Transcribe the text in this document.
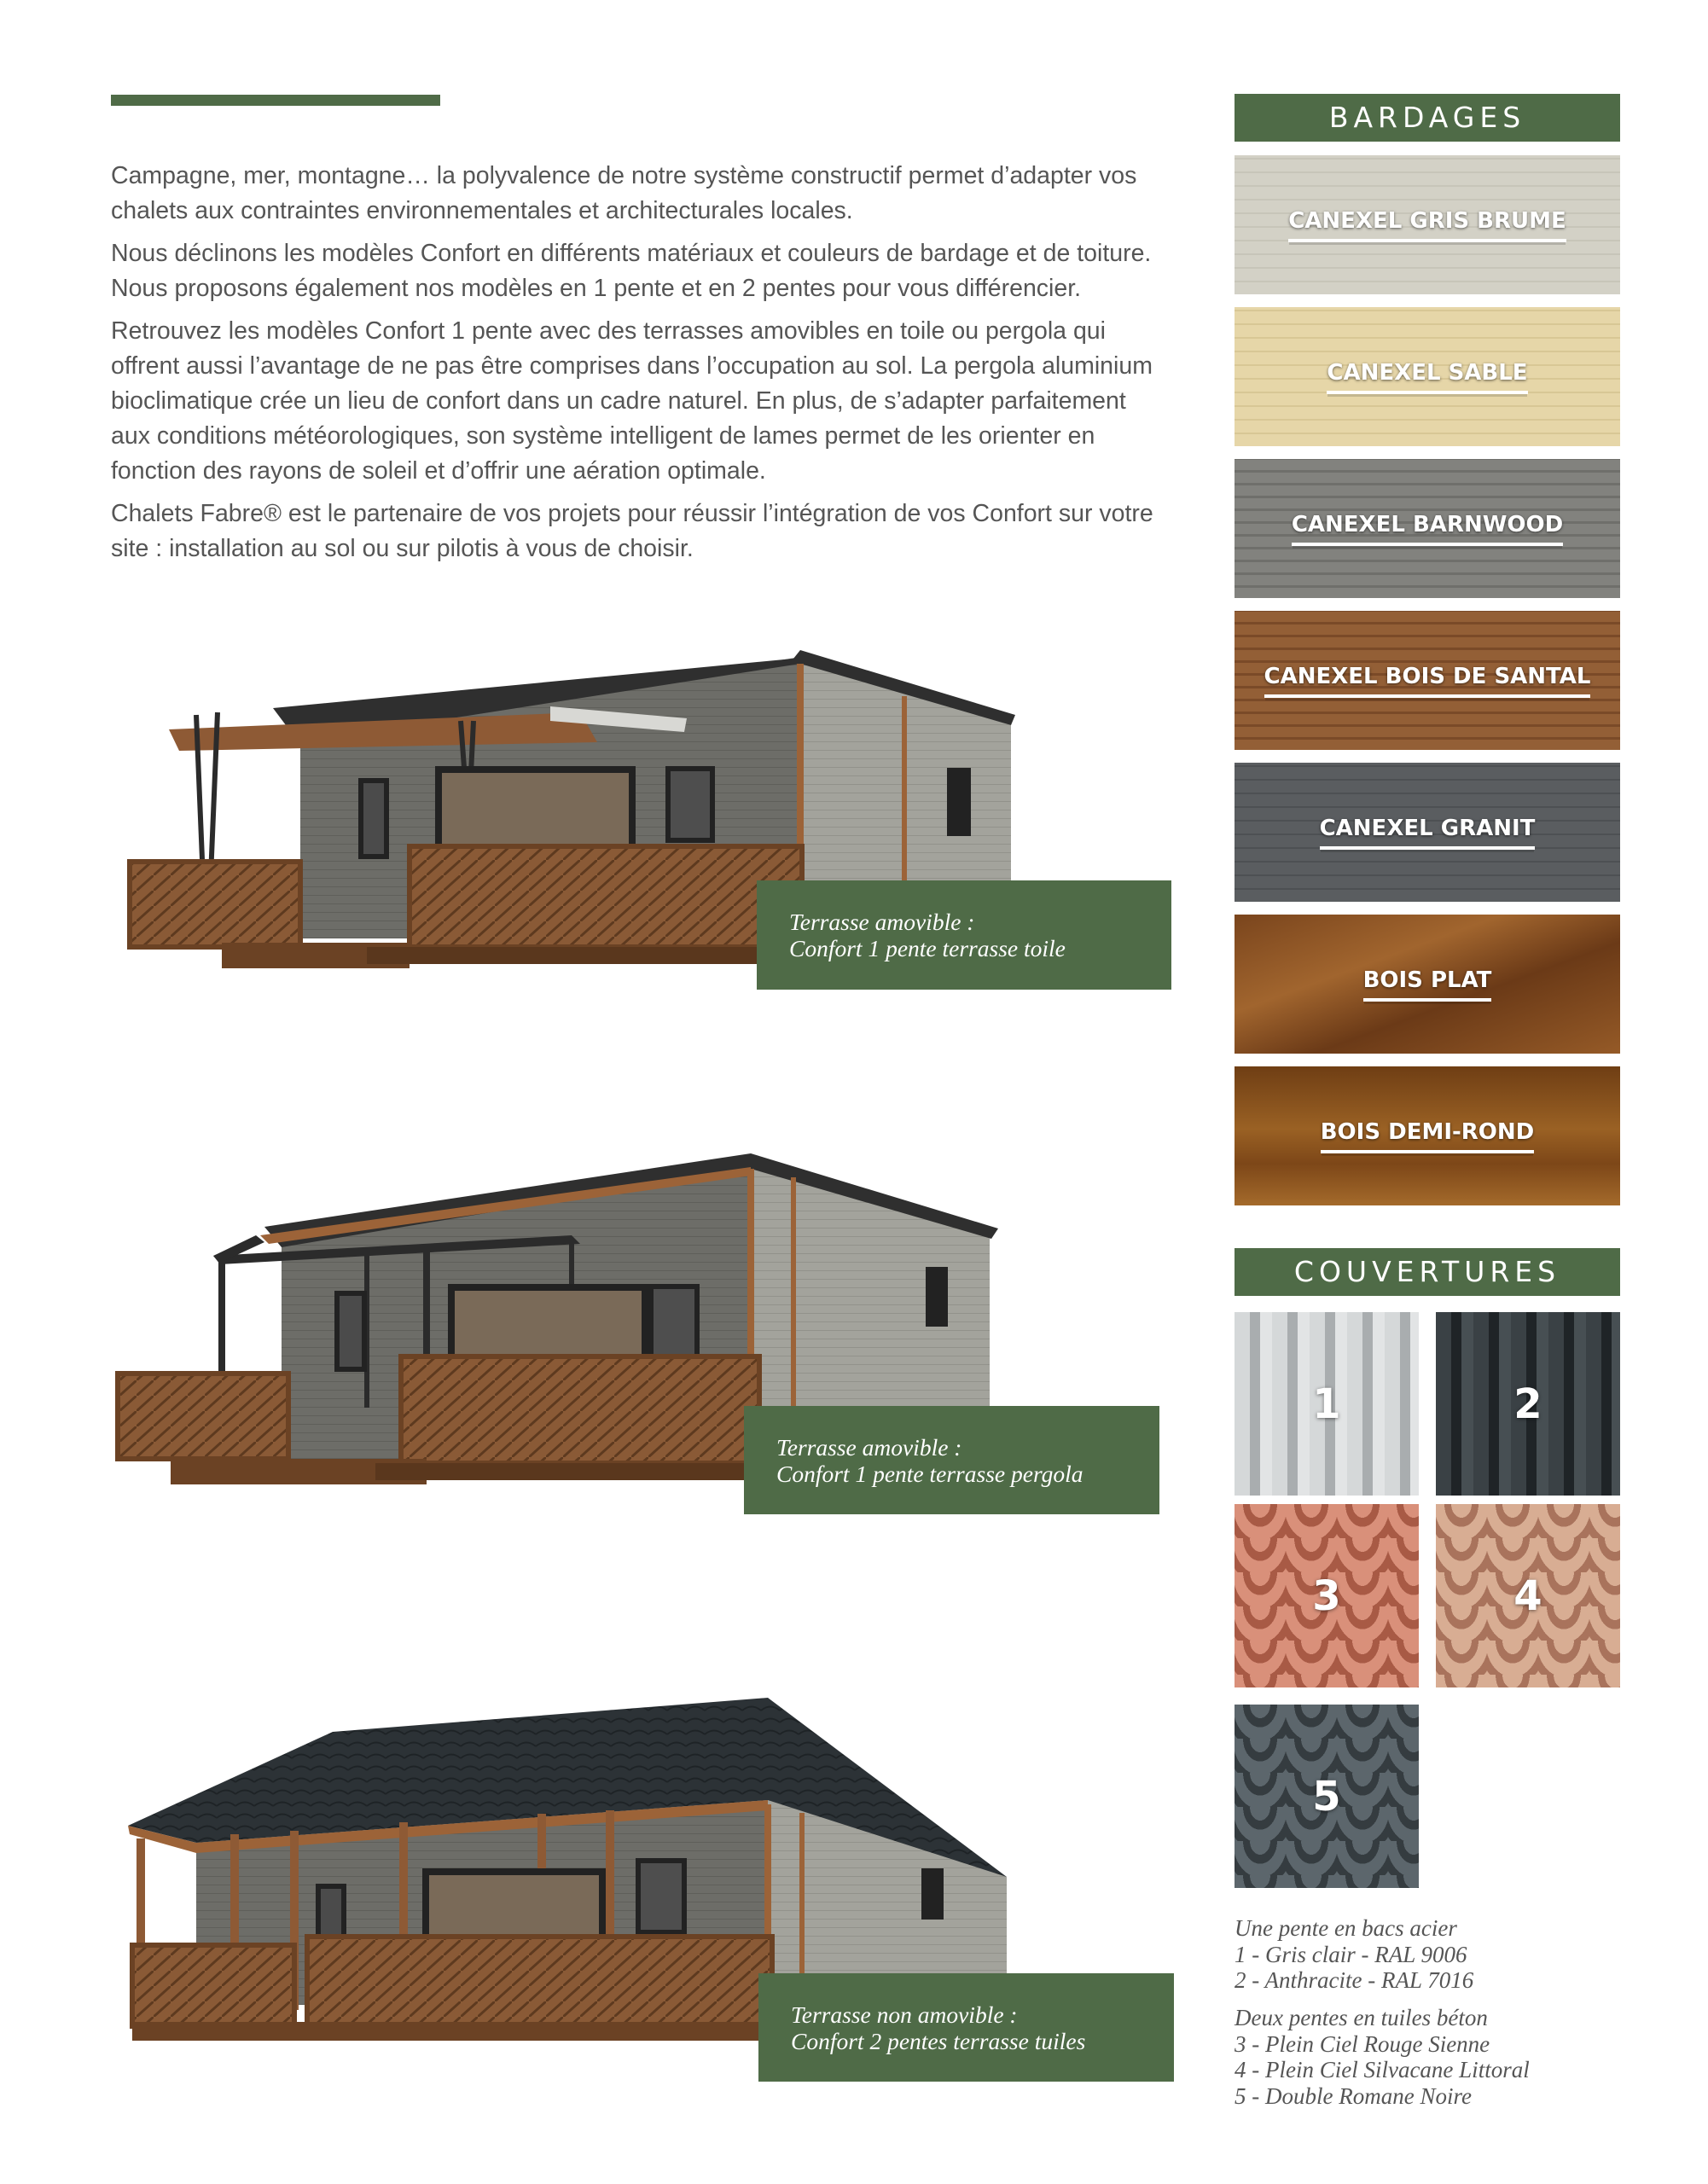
Campagne, mer, montagne… la polyvalence de notre système constructif permet d’adapter vos chalets aux contraintes environnementales et architecturales locales.

Nous déclinons les modèles Confort en différents matériaux et couleurs de bardage et de toiture. Nous proposons également nos modèles en 1 pente et en 2 pentes pour vous différencier.

Retrouvez les modèles Confort 1 pente avec des terrasses amovibles en toile ou pergola qui offrent aussi l’avantage de ne pas être comprises dans l’occupation au sol. La pergola aluminium bioclimatique crée un lieu de confort dans un cadre naturel. En plus, de s’adapter parfaitement aux conditions météorologiques, son système intelligent de lames permet de les orienter en fonction des rayons de soleil et d’offrir une aération optimale.

Chalets Fabre® est le partenaire de vos projets pour réussir l’intégration de vos Confort sur votre site : installation au sol ou sur pilotis à vous de choisir.

Terrasse amovible :
Confort 1 pente terrasse toile
Terrasse amovible :
Confort 1 pente terrasse pergola
Terrasse non amovible :
Confort 2 pentes terrasse tuiles
BARDAGES
CANEXEL GRIS BRUME
CANEXEL SABLE
CANEXEL BARNWOOD
CANEXEL BOIS DE SANTAL
CANEXEL GRANIT
BOIS PLAT
BOIS DEMI-ROND
COUVERTURES
1	2
3	4
5
Une pente en bacs acier
1 - Gris clair - RAL 9006
2 - Anthracite - RAL 7016
Deux pentes en tuiles béton
3 - Plein Ciel Rouge Sienne
4 - Plein Ciel Silvacane Littoral
5 - Double Romane Noire
